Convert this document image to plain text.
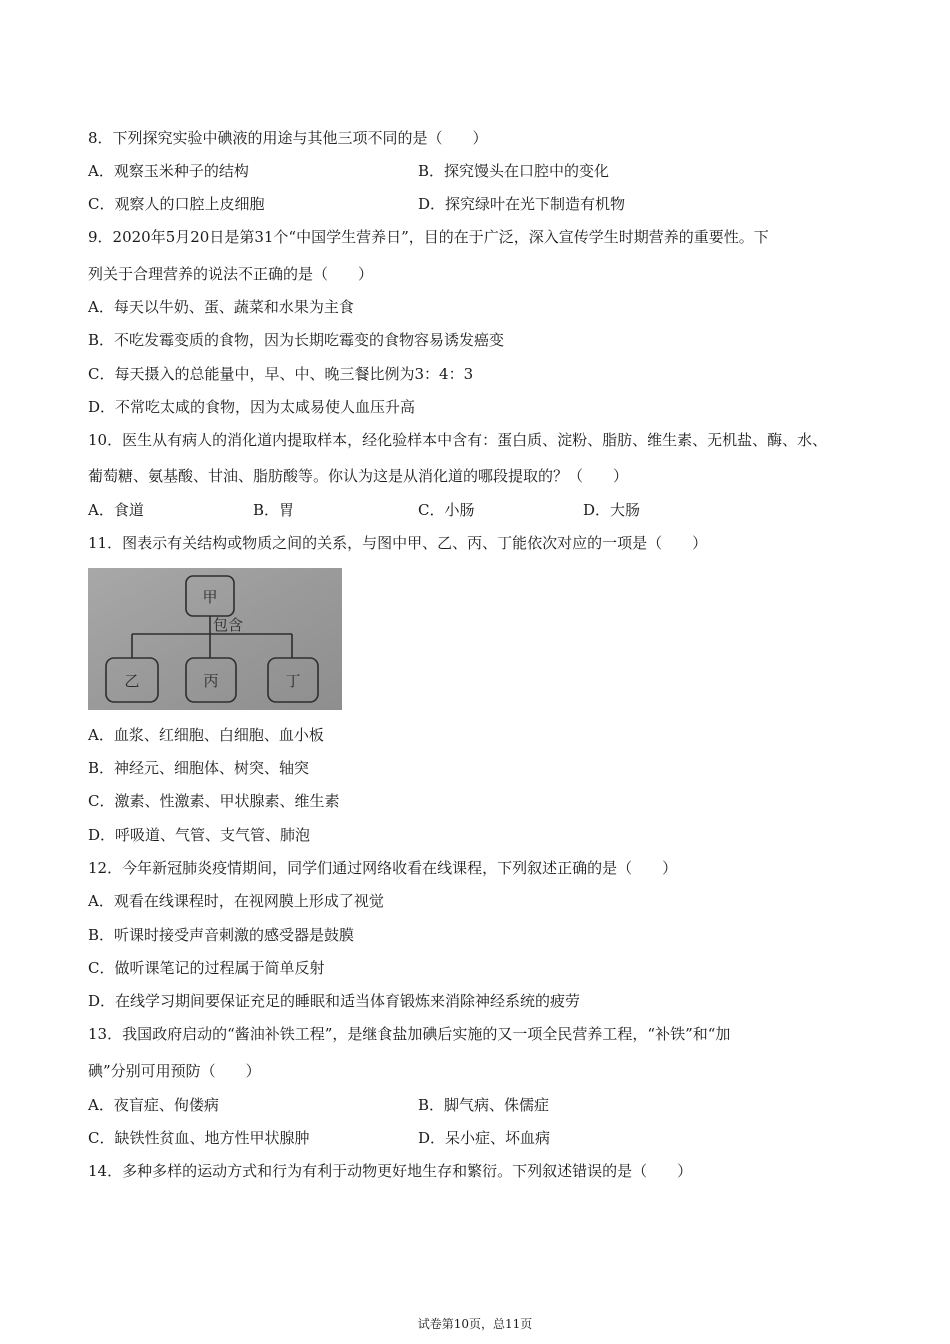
8．下列探究实验中碘液的用途与其他三项不同的是（　　）
A．观察玉米种子的结构	B．探究馒头在口腔中的变化
C．观察人的口腔上皮细胞	D．探究绿叶在光下制造有机物
9．2020年5月20日是第31个“中国学生营养日”，目的在于广泛，深入宣传学生时期营养的重要性。下
列关于合理营养的说法不正确的是（　　）
A．每天以牛奶、蛋、蔬菜和水果为主食
B．不吃发霉变质的食物，因为长期吃霉变的食物容易诱发癌变
C．每天摄入的总能量中，早、中、晚三餐比例为3：4：3
D．不常吃太咸的食物，因为太咸易使人血压升高
10．医生从有病人的消化道内提取样本，经化验样本中含有：蛋白质、淀粉、脂肪、维生素、无机盐、酶、水、
葡萄糖、氨基酸、甘油、脂肪酸等。你认为这是从消化道的哪段提取的？（　　）
A．食道	B．胃	C．小肠	D．大肠
11．图表示有关结构或物质之间的关系，与图中甲、乙、丙、丁能依次对应的一项是（　　）
甲
包含
乙	丙	丁
A．血浆、红细胞、白细胞、血小板
B．神经元、细胞体、树突、轴突
C．激素、性激素、甲状腺素、维生素
D．呼吸道、气管、支气管、肺泡
12．今年新冠肺炎疫情期间，同学们通过网络收看在线课程，下列叙述正确的是（　　）
A．观看在线课程时，在视网膜上形成了视觉
B．听课时接受声音刺激的感受器是鼓膜
C．做听课笔记的过程属于简单反射
D．在线学习期间要保证充足的睡眠和适当体育锻炼来消除神经系统的疲劳
13．我国政府启动的“酱油补铁工程”，是继食盐加碘后实施的又一项全民营养工程，“补铁”和“加
碘”分别可用预防（　　）
A．夜盲症、佝偻病	B．脚气病、侏儒症
C．缺铁性贫血、地方性甲状腺肿	D．呆小症、坏血病
14．多种多样的运动方式和行为有利于动物更好地生存和繁衍。下列叙述错误的是（　　）
试卷第10页，总11页
